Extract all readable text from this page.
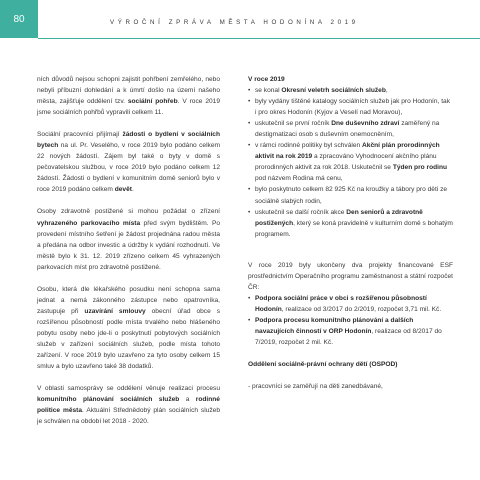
80	VÝROČNÍ ZPRÁVA MĚSTA HODONÍNA 2019

ních důvodů nejsou schopni zajistit pohřbení zemřelého, nebo nebyli příbuzní dohledání a k úmrtí došlo na území našeho města, zajišťuje oddělení tzv. sociální pohřeb. V roce 2019 jsme sociálních pohřbů vypravili celkem 11.

Sociální pracovníci přijímají žádosti o bydlení v sociálních bytech na ul. Pr. Veselého, v roce 2019 bylo podáno celkem 22 nových žádostí. Zájem byl také o byty v domě s pečovatelskou službou, v roce 2019 bylo podáno celkem 12 žádostí. Žádosti o bydlení v komunitním domě seniorů bylo v roce 2019 podáno celkem devět.

Osoby zdravotně postižené si mohou požádat o zřízení vyhrazeného parkovacího místa před svým bydlištěm. Po provedení místního šetření je žádost projednána radou města a předána na odbor investic a údržby k vydání rozhodnutí. Ve městě bylo k 31. 12. 2019 zřízeno celkem 45 vyhrazených parkovacích míst pro zdravotně postižené.

Osobu, která dle lékařského posudku není schopna sama jednat a nemá zákonného zástupce nebo opatrovníka, zastupuje při uzavírání smlouvy obecní úřad obce s rozšířenou působností podle místa trvalého nebo hlášeného pobytu osoby nebo jde-li o poskytnutí pobytových sociálních služeb v zařízení sociálních služeb, podle místa tohoto zařízení. V roce 2019 bylo uzavřeno za tyto osoby celkem 15 smluv a bylo uzavřeno také 38 dodatků.

V oblasti samosprávy se oddělení věnuje realizaci procesu komunitního plánování sociálních služeb a rodinné politice města. Aktuální Střednědobý plán sociálních služeb je schválen na období let 2018 - 2020.

V roce 2019
• se konal Okresní veletrh sociálních služeb,
• byly vydány tištěné katalogy sociálních služeb jak pro Hodonín, tak i pro okres Hodonín (Kyjov a Veselí nad Moravou),
• uskutečnil se první ročník Dne duševního zdraví zaměřený na destigmatizaci osob s duševním onemocněním,
• v rámci rodinné politiky byl schválen Akční plán prorodinných aktivit na rok 2019 a zpracováno Vyhodnocení akčního plánu prorodinných aktivit za rok 2018. Uskutečnil se Týden pro rodinu pod názvem Rodina má cenu,
• bylo poskytnuto celkem 82 925 Kč na kroužky a tábory pro děti ze sociálně slabých rodin,
• uskutečnil se další ročník akce Den seniorů a zdravotně postižených, který se koná pravidelně v kulturním domě s bohatým programem.

V roce 2019 byly ukončeny dva projekty financované ESF prostřednictvím Operačního programu zaměstnanost a státní rozpočet ČR:

• Podpora sociální práce v obci s rozšířenou působností Hodonín, realizace od 3/2017 do 2/2019, rozpočet 3,71 mil. Kč.
• Podpora procesu komunitního plánování a dalších navazujících činností v ORP Hodonín, realizace od 8/2017 do 7/2019, rozpočet 2 mil. Kč.
Oddělení sociálně-právní ochrany dětí (OSPOD)
- pracovníci se zaměřují na děti zanedbávané,
